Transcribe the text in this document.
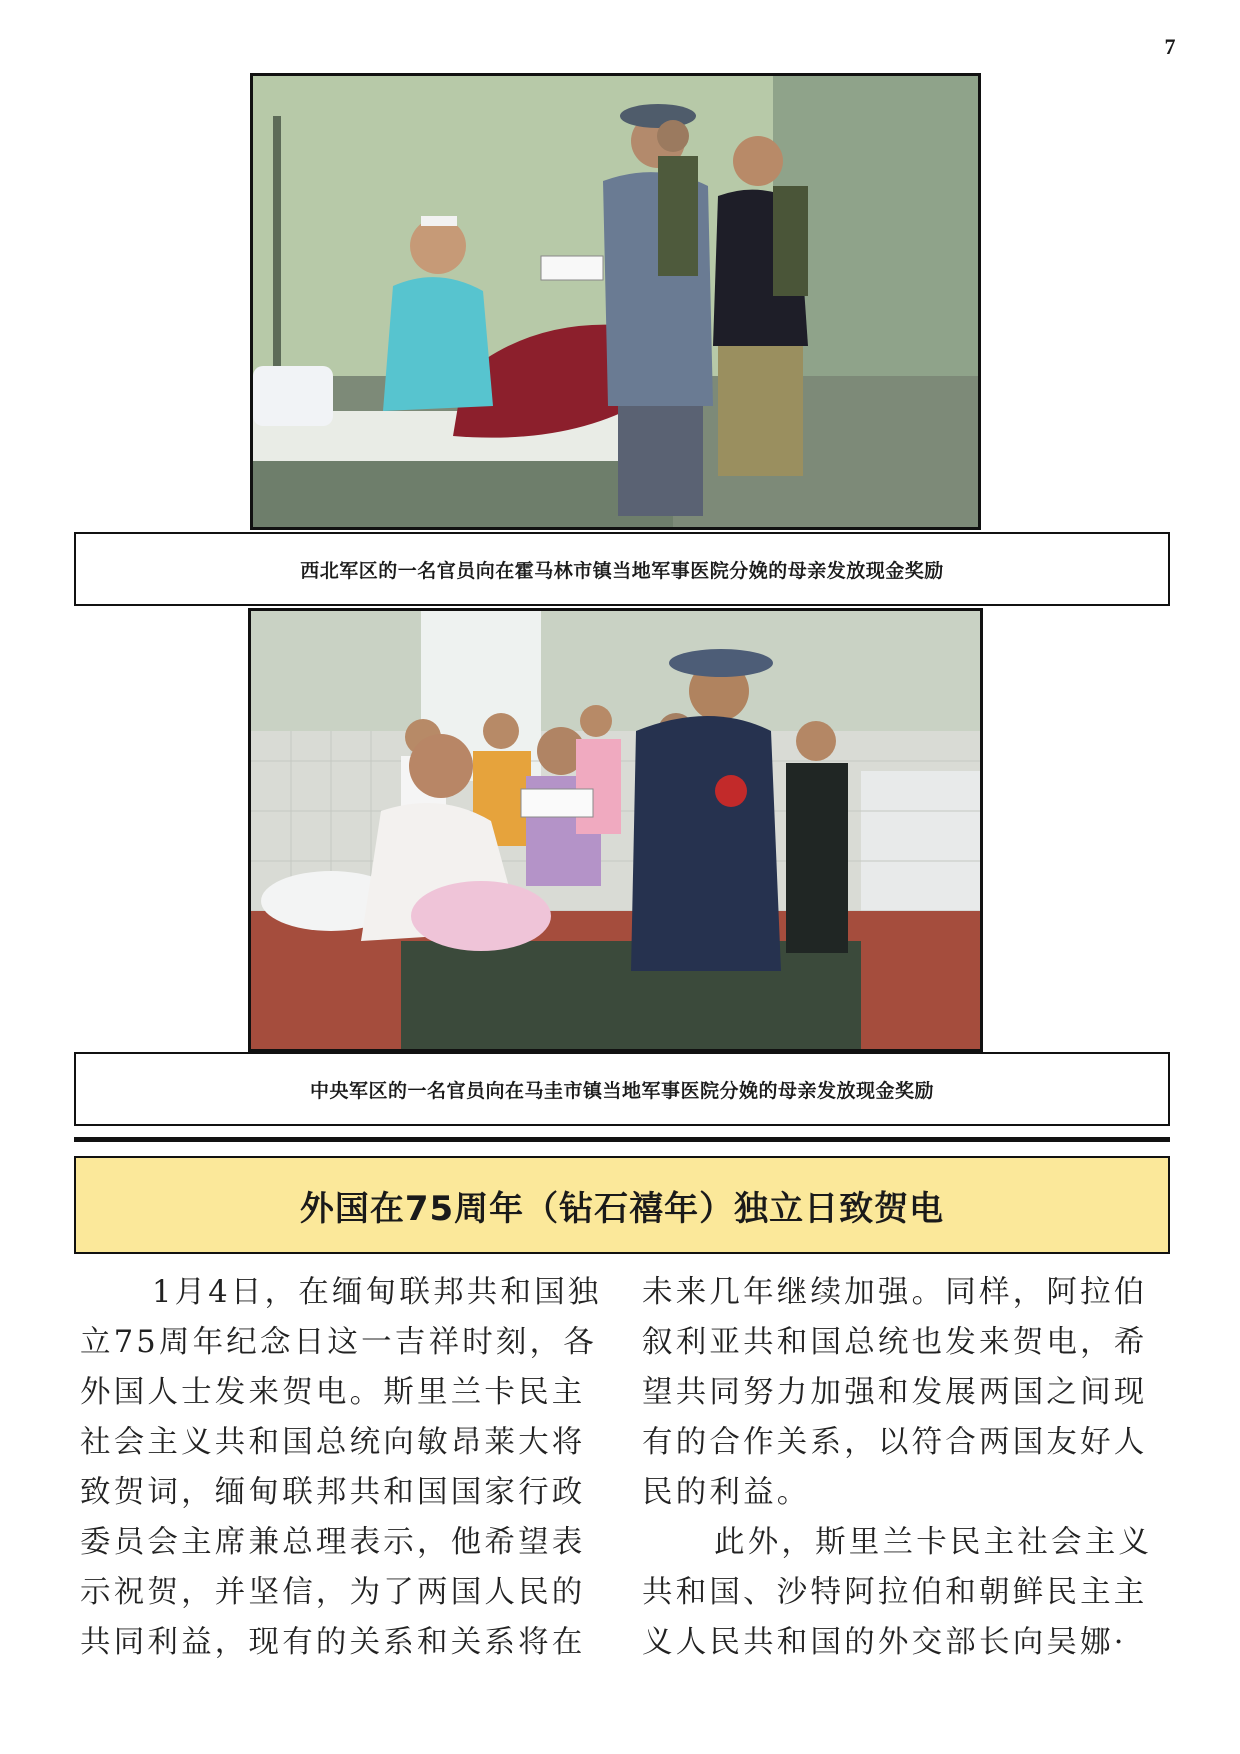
7
西北军区的一名官员向在霍马林市镇当地军事医院分娩的母亲发放现金奖励
中央军区的一名官员向在马圭市镇当地军事医院分娩的母亲发放现金奖励
外国在75周年（钻石禧年）独立日致贺电
1月4日，在缅甸联邦共和国独
立75周年纪念日这一吉祥时刻，各
外国人士发来贺电。斯里兰卡民主
社会主义共和国总统向敏昂莱大将
致贺词，缅甸联邦共和国国家行政
委员会主席兼总理表示，他希望表
示祝贺，并坚信，为了两国人民的
共同利益，现有的关系和关系将在
未来几年继续加强。同样，阿拉伯
叙利亚共和国总统也发来贺电，希
望共同努力加强和发展两国之间现
有的合作关系，以符合两国友好人
民的利益。
此外，斯里兰卡民主社会主义
共和国、沙特阿拉伯和朝鲜民主主
义人民共和国的外交部长向吴娜·
